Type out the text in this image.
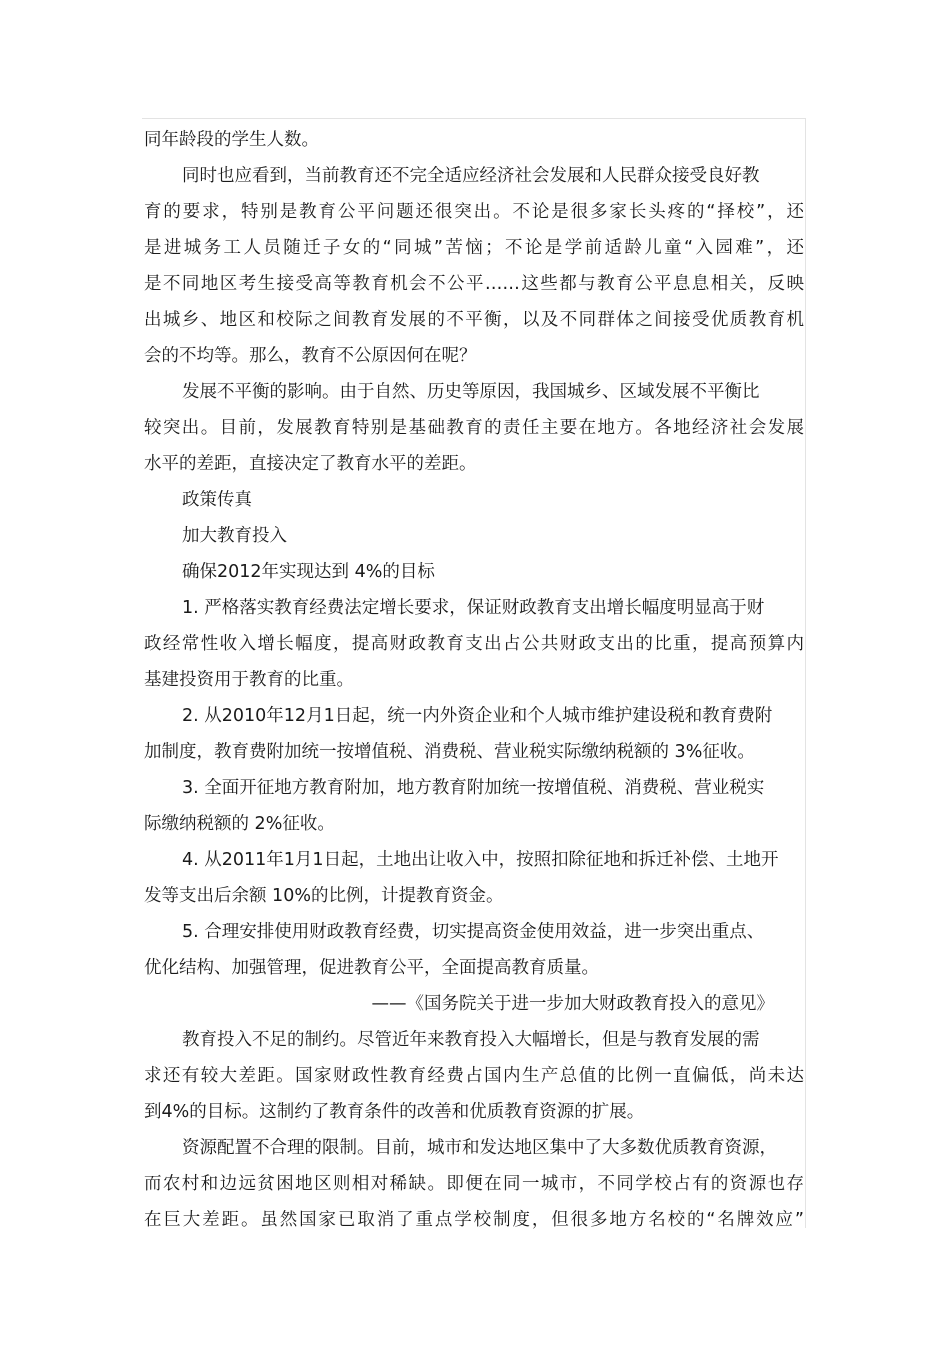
同年龄段的学生人数。
同时也应看到，当前教育还不完全适应经济社会发展和人民群众接受良好教
育的要求，特别是教育公平问题还很突出。不论是很多家长头疼的“择校”，还
是进城务工人员随迁子女的“同城”苦恼；不论是学前适龄儿童“入园难”，还
是不同地区考生接受高等教育机会不公平……这些都与教育公平息息相关，反映
出城乡、地区和校际之间教育发展的不平衡，以及不同群体之间接受优质教育机
会的不均等。那么，教育不公原因何在呢？
发展不平衡的影响。由于自然、历史等原因，我国城乡、区域发展不平衡比
较突出。目前，发展教育特别是基础教育的责任主要在地方。各地经济社会发展
水平的差距，直接决定了教育水平的差距。
政策传真
加大教育投入
确保2012年实现达到 4%的目标
1. 严格落实教育经费法定增长要求，保证财政教育支出增长幅度明显高于财
政经常性收入增长幅度，提高财政教育支出占公共财政支出的比重，提高预算内
基建投资用于教育的比重。
2. 从2010年12月1日起，统一内外资企业和个人城市维护建设税和教育费附
加制度，教育费附加统一按增值税、消费税、营业税实际缴纳税额的 3%征收。
3. 全面开征地方教育附加，地方教育附加统一按增值税、消费税、营业税实
际缴纳税额的 2%征收。
4. 从2011年1月1日起，土地出让收入中，按照扣除征地和拆迁补偿、土地开
发等支出后余额 10%的比例，计提教育资金。
5. 合理安排使用财政教育经费，切实提高资金使用效益，进一步突出重点、
优化结构、加强管理，促进教育公平，全面提高教育质量。
——《国务院关于进一步加大财政教育投入的意见》
教育投入不足的制约。尽管近年来教育投入大幅增长，但是与教育发展的需
求还有较大差距。国家财政性教育经费占国内生产总值的比例一直偏低，尚未达
到4%的目标。这制约了教育条件的改善和优质教育资源的扩展。
资源配置不合理的限制。目前，城市和发达地区集中了大多数优质教育资源，
而农村和边远贫困地区则相对稀缺。即便在同一城市，不同学校占有的资源也存
在巨大差距。虽然国家已取消了重点学校制度，但很多地方名校的“名牌效应”
